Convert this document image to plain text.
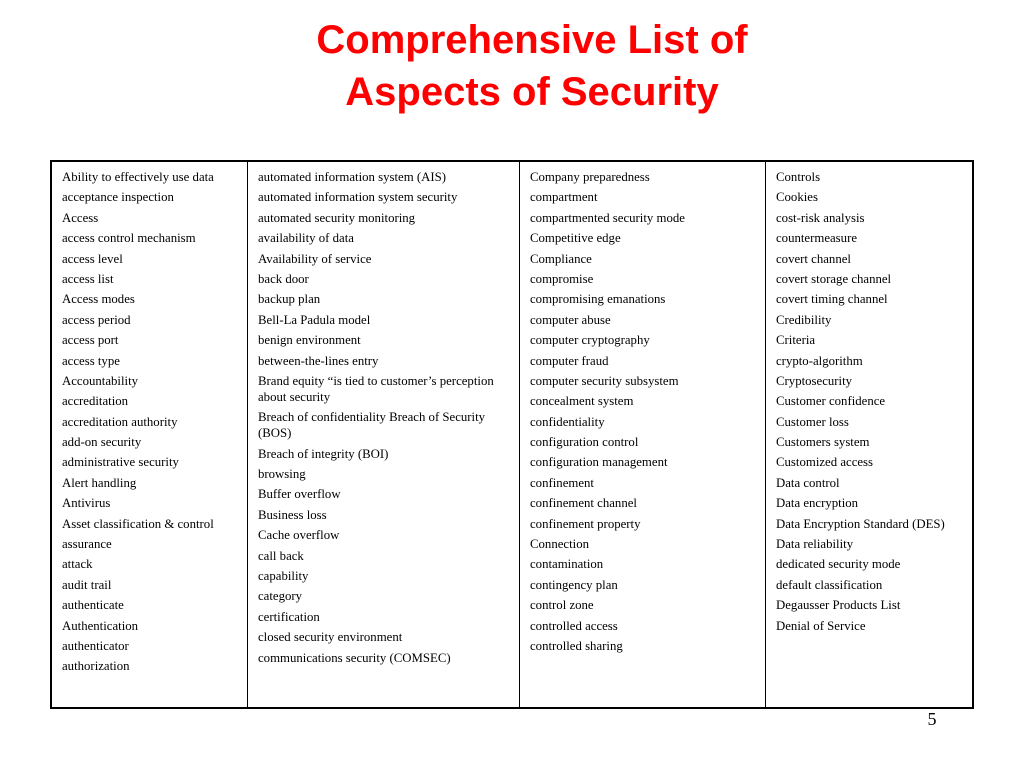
Comprehensive List of
Aspects of Security
Ability to effectively use data
acceptance inspection
Access
access control mechanism
access level
access list
Access modes
access period
access port
access type
Accountability
accreditation
accreditation authority
add-on security
administrative security
Alert handling
Antivirus
Asset classification & control
assurance
attack
audit trail
authenticate
Authentication
authenticator
authorization
automated information system (AIS)
automated information system security
automated security monitoring
availability of data
Availability of service
back door
backup plan
Bell-La Padula model
benign environment
between-the-lines entry
Brand equity “is tied to customer’s perception about security
Breach of confidentiality Breach of Security (BOS)
Breach of integrity (BOI)
browsing
Buffer overflow
Business loss
Cache overflow
call back
capability
category
certification
closed security environment
communications security (COMSEC)
Company preparedness
compartment
compartmented security mode
Competitive edge
Compliance
compromise
compromising emanations
computer abuse
computer cryptography
computer fraud
computer security subsystem
concealment system
confidentiality
configuration control
configuration management
confinement
confinement channel
confinement property
Connection
contamination
contingency plan
control zone
controlled access
controlled sharing
Controls
Cookies
cost-risk analysis
countermeasure
covert channel
covert storage channel
covert timing channel
Credibility
Criteria
crypto-algorithm
Cryptosecurity
Customer confidence
Customer loss
Customers system
Customized access
Data control
Data encryption
Data Encryption Standard (DES)
Data reliability
dedicated security mode
default classification
Degausser Products List
Denial of Service
5
